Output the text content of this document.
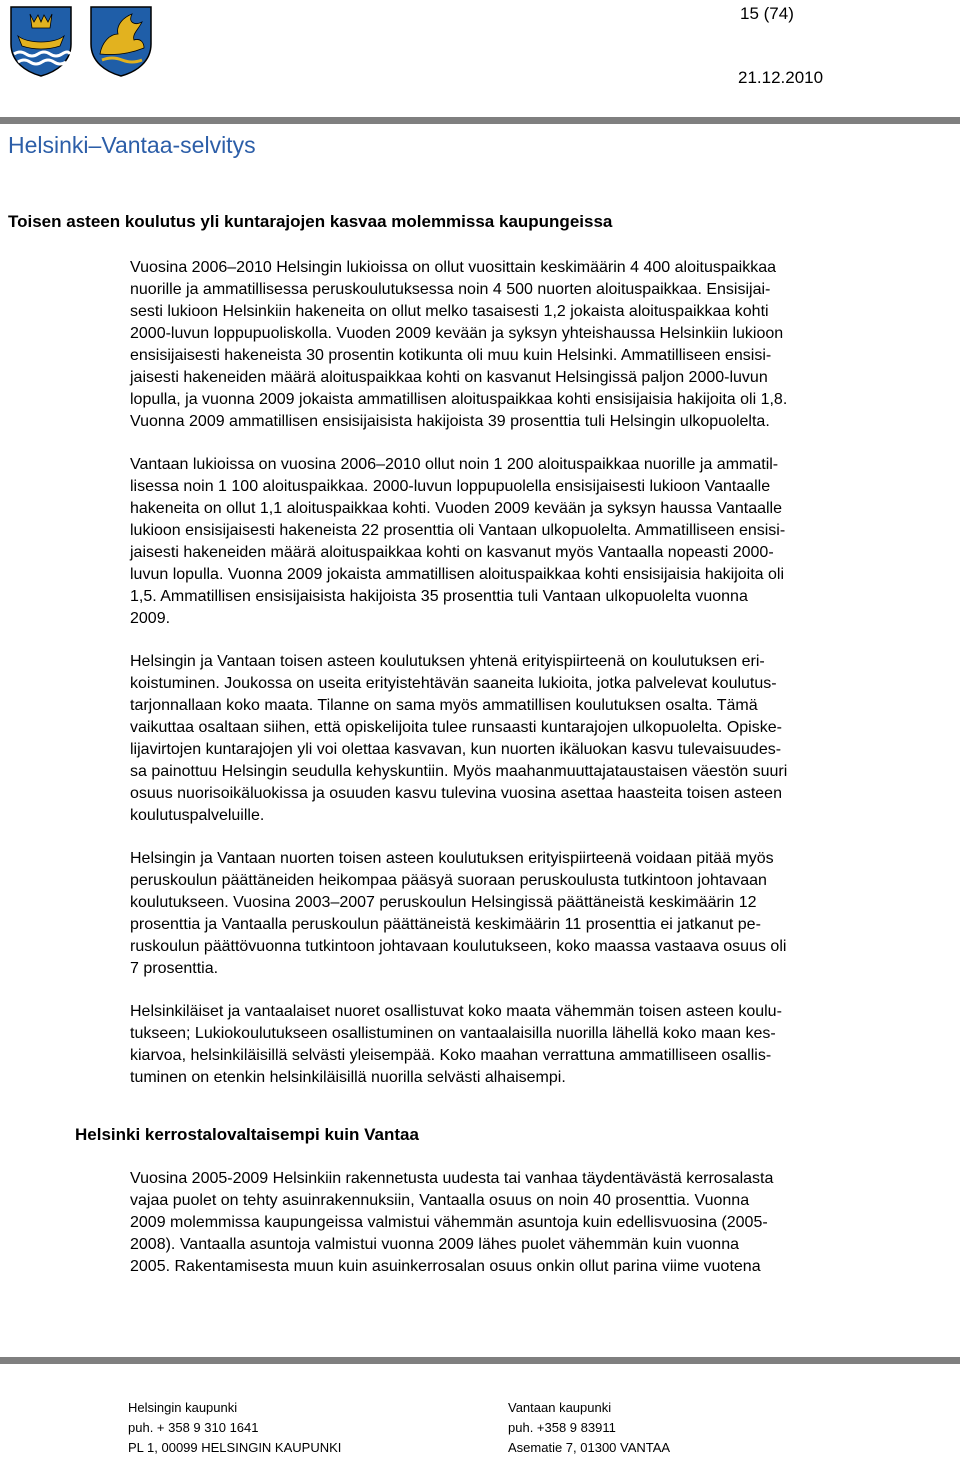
15 (74)
21.12.2010
Helsinki–Vantaa-selvitys
Toisen asteen koulutus yli kuntarajojen kasvaa molemmissa kaupungeissa

Vuosina 2006–2010 Helsingin lukioissa on ollut vuosittain keskimäärin 4 400 aloituspaikkaa
nuorille ja ammatillisessa peruskoulutuksessa noin 4 500 nuorten aloituspaikkaa. Ensisijai-
sesti lukioon Helsinkiin hakeneita on ollut melko tasaisesti 1,2 jokaista aloituspaikkaa kohti
2000-luvun loppupuoliskolla. Vuoden 2009 kevään ja syksyn yhteishaussa Helsinkiin lukioon
ensisijaisesti hakeneista 30 prosentin kotikunta oli muu kuin Helsinki. Ammatilliseen ensisi-
jaisesti hakeneiden määrä aloituspaikkaa kohti on kasvanut Helsingissä paljon 2000-luvun
lopulla, ja vuonna 2009 jokaista ammatillisen aloituspaikkaa kohti ensisijaisia hakijoita oli 1,8.
Vuonna 2009 ammatillisen ensisijaisista hakijoista 39 prosenttia tuli Helsingin ulkopuolelta.

Vantaan lukioissa on vuosina 2006–2010 ollut noin 1 200 aloituspaikkaa nuorille ja ammatil-
lisessa noin 1 100 aloituspaikkaa. 2000-luvun loppupuolella ensisijaisesti lukioon Vantaalle
hakeneita on ollut 1,1 aloituspaikkaa kohti. Vuoden 2009 kevään ja syksyn haussa Vantaalle
lukioon ensisijaisesti hakeneista 22 prosenttia oli Vantaan ulkopuolelta. Ammatilliseen ensisi-
jaisesti hakeneiden määrä aloituspaikkaa kohti on kasvanut myös Vantaalla nopeasti 2000-
luvun lopulla. Vuonna 2009 jokaista ammatillisen aloituspaikkaa kohti ensisijaisia hakijoita oli
1,5. Ammatillisen ensisijaisista hakijoista 35 prosenttia tuli Vantaan ulkopuolelta vuonna
2009.

Helsingin ja Vantaan toisen asteen koulutuksen yhtenä erityispiirteenä on koulutuksen eri-
koistuminen. Joukossa on useita erityistehtävän saaneita lukioita, jotka palvelevat koulutus-
tarjonnallaan koko maata. Tilanne on sama myös ammatillisen koulutuksen osalta. Tämä
vaikuttaa osaltaan siihen, että opiskelijoita tulee runsaasti kuntarajojen ulkopuolelta. Opiske-
lijavirtojen kuntarajojen yli voi olettaa kasvavan, kun nuorten ikäluokan kasvu tulevaisuudes-
sa painottuu Helsingin seudulla kehyskuntiin. Myös maahanmuuttajataustaisen väestön suuri
osuus nuorisoikäluokissa ja osuuden kasvu tulevina vuosina asettaa haasteita toisen asteen
koulutuspalveluille.

Helsingin ja Vantaan nuorten toisen asteen koulutuksen erityispiirteenä voidaan pitää myös
peruskoulun päättäneiden heikompaa pääsyä suoraan peruskoulusta tutkintoon johtavaan
koulutukseen. Vuosina 2003–2007 peruskoulun Helsingissä päättäneistä keskimäärin 12
prosenttia ja Vantaalla peruskoulun päättäneistä keskimäärin 11 prosenttia ei jatkanut pe-
ruskoulun päättövuonna tutkintoon johtavaan koulutukseen, koko maassa vastaava osuus oli
7 prosenttia.

Helsinkiläiset ja vantaalaiset nuoret osallistuvat koko maata vähemmän toisen asteen koulu-
tukseen; Lukiokoulutukseen osallistuminen on vantaalaisilla nuorilla lähellä koko maan kes-
kiarvoa, helsinkiläisillä selvästi yleisempää. Koko maahan verrattuna ammatilliseen osallis-
tuminen on etenkin helsinkiläisillä nuorilla selvästi alhaisempi.

Helsinki kerrostalovaltaisempi kuin Vantaa

Vuosina 2005-2009 Helsinkiin rakennetusta uudesta tai vanhaa täydentävästä kerrosalasta
vajaa puolet on tehty asuinrakennuksiin, Vantaalla osuus on noin 40 prosenttia. Vuonna
2009 molemmissa kaupungeissa valmistui vähemmän asuntoja kuin edellisvuosina (2005-
2008). Vantaalla asuntoja valmistui vuonna 2009 lähes puolet vähemmän kuin vuonna
2005. Rakentamisesta muun kuin asuinkerrosalan osuus onkin ollut parina viime vuotena

Helsingin kaupunki
puh. + 358 9 310 1641
PL 1, 00099 HELSINGIN KAUPUNKI
Vantaan kaupunki
puh. +358 9 83911
Asematie 7, 01300 VANTAA
